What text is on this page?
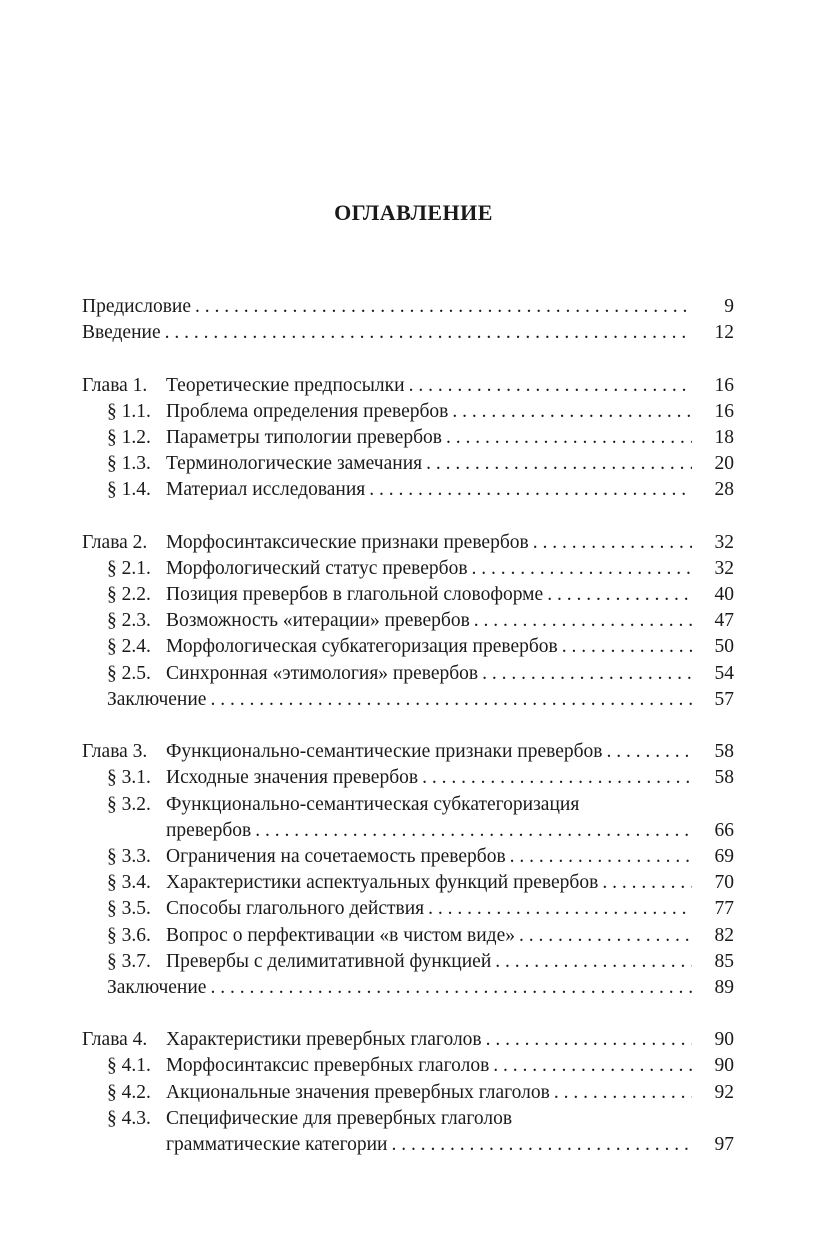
ОГЛАВЛЕНИЕ
Предисловие . . .	9
Введение . . .	12
Глава 1. Теоретические предпосылки . . .	16
§ 1.1. Проблема определения превербов . . .	16
§ 1.2. Параметры типологии превербов . . .	18
§ 1.3. Терминологические замечания . . .	20
§ 1.4. Материал исследования . . .	28
Глава 2. Морфосинтаксические признаки превербов . . .	32
§ 2.1. Морфологический статус превербов . . .	32
§ 2.2. Позиция превербов в глагольной словоформе . . .	40
§ 2.3. Возможность «итерации» превербов . . .	47
§ 2.4. Морфологическая субкатегоризация превербов . . .	50
§ 2.5. Синхронная «этимология» превербов . . .	54
Заключение . . .	57
Глава 3. Функционально-семантические признаки превербов . . .	58
§ 3.1. Исходные значения превербов . . .	58
§ 3.2. Функционально-семантическая субкатегоризация
превербов . . .	66
§ 3.3. Ограничения на сочетаемость превербов . . .	69
§ 3.4. Характеристики аспектуальных функций превербов . . .	70
§ 3.5. Способы глагольного действия . . .	77
§ 3.6. Вопрос о перфективации «в чистом виде» . . .	82
§ 3.7. Превербы с делимитативной функцией . . .	85
Заключение . . .	89
Глава 4. Характеристики превербных глаголов . . .	90
§ 4.1. Морфосинтаксис превербных глаголов . . .	90
§ 4.2. Акциональные значения превербных глаголов . . .	92
§ 4.3. Специфические для превербных глаголов
грамматические категории . . .	97
